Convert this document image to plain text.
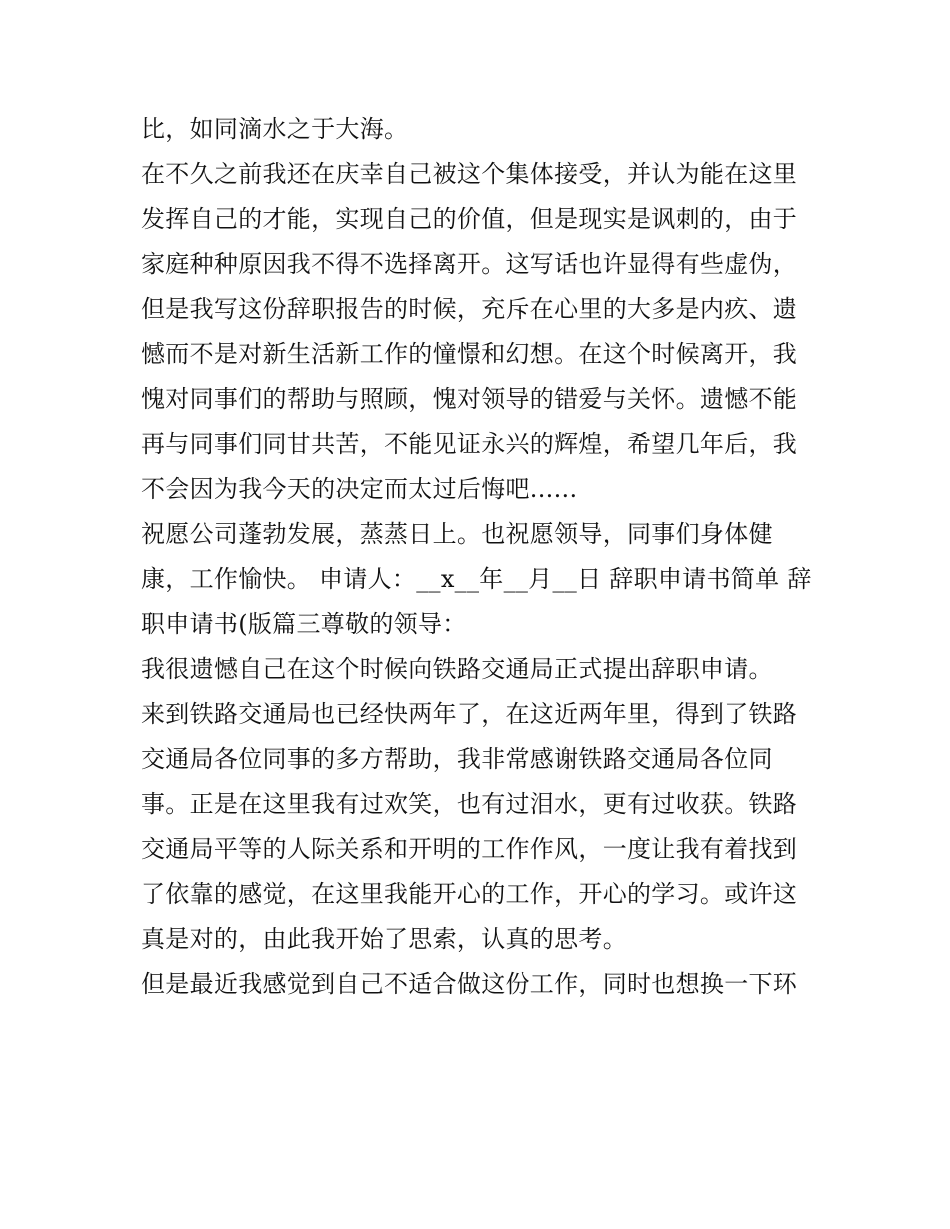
比，如同滴水之于大海。
在不久之前我还在庆幸自己被这个集体接受，并认为能在这里
发挥自己的才能，实现自己的价值，但是现实是讽刺的，由于
家庭种种原因我不得不选择离开。这写话也许显得有些虚伪，
但是我写这份辞职报告的时候，充斥在心里的大多是内疚、遗
憾而不是对新生活新工作的憧憬和幻想。在这个时候离开，我
愧对同事们的帮助与照顾，愧对领导的错爱与关怀。遗憾不能
再与同事们同甘共苦，不能见证永兴的辉煌，希望几年后，我
不会因为我今天的决定而太过后悔吧......
祝愿公司蓬勃发展，蒸蒸日上。也祝愿领导，同事们身体健
康，工作愉快。 申请人：__x__年__月__日 辞职申请书简单 辞
职申请书(版篇三尊敬的领导：
我很遗憾自己在这个时候向铁路交通局正式提出辞职申请。
来到铁路交通局也已经快两年了，在这近两年里，得到了铁路
交通局各位同事的多方帮助，我非常感谢铁路交通局各位同
事。正是在这里我有过欢笑，也有过泪水，更有过收获。铁路
交通局平等的人际关系和开明的工作作风，一度让我有着找到
了依靠的感觉，在这里我能开心的工作，开心的学习。或许这
真是对的，由此我开始了思索，认真的思考。
但是最近我感觉到自己不适合做这份工作，同时也想换一下环
